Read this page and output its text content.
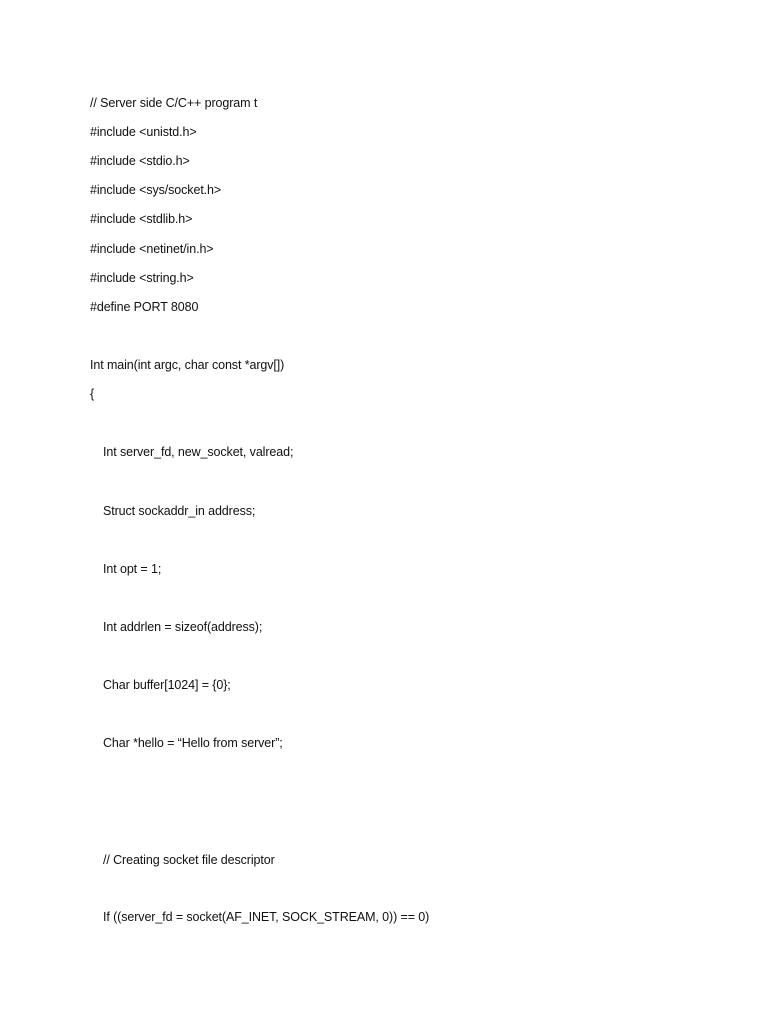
// Server side C/C++ program t
#include <unistd.h>
#include <stdio.h>
#include <sys/socket.h>
#include <stdlib.h>
#include <netinet/in.h>
#include <string.h>
#define PORT 8080
Int main(int argc, char const *argv[])
{
Int server_fd, new_socket, valread;
Struct sockaddr_in address;
Int opt = 1;
Int addrlen = sizeof(address);
Char buffer[1024] = {0};
Char *hello = “Hello from server”;
// Creating socket file descriptor
If ((server_fd = socket(AF_INET, SOCK_STREAM, 0)) == 0)
